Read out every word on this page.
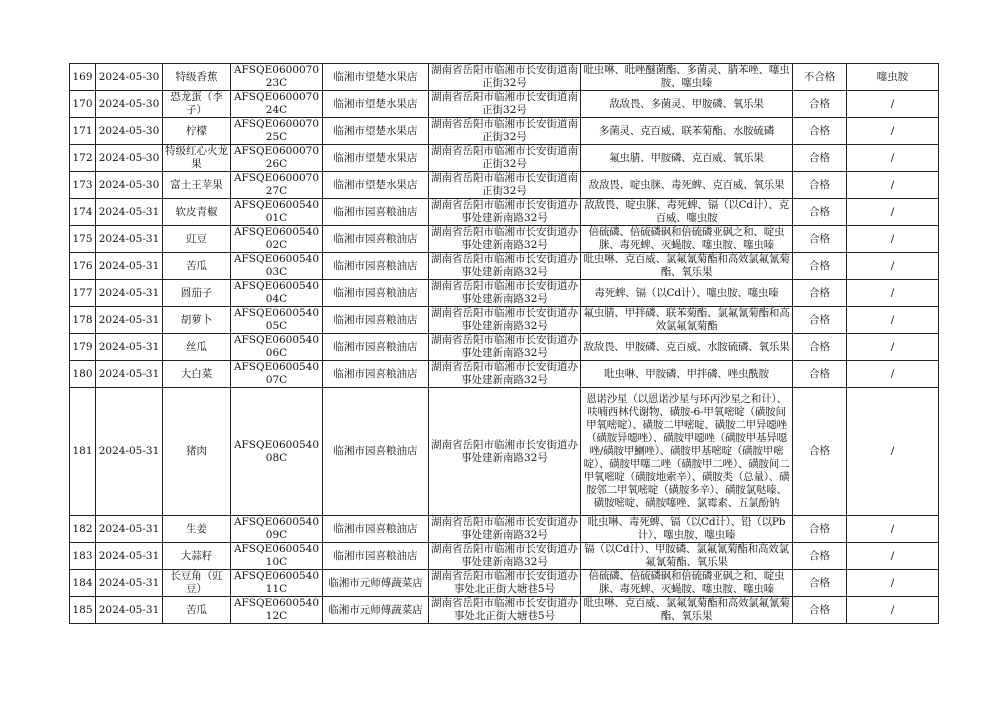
169	2024-05-30	特级香蕉	AFSQE060007023C	临湘市望楚水果店	湖南省岳阳市临湘市长安街道南正街32号	吡虫啉、吡唑醚菌酯、多菌灵、腈苯唑、噻虫胺、噻虫嗪	不合格	噻虫胺
170	2024-05-30	恐龙蛋（李子）	AFSQE060007024C	临湘市望楚水果店	湖南省岳阳市临湘市长安街道南正街32号	敌敌畏、多菌灵、甲胺磷、氧乐果	合格	/
171	2024-05-30	柠檬	AFSQE060007025C	临湘市望楚水果店	湖南省岳阳市临湘市长安街道南正街32号	多菌灵、克百威、联苯菊酯、水胺硫磷	合格	/
172	2024-05-30	特级红心火龙果	AFSQE060007026C	临湘市望楚水果店	湖南省岳阳市临湘市长安街道南正街32号	氟虫腈、甲胺磷、克百威、氧乐果	合格	/
173	2024-05-30	富士王苹果	AFSQE060007027C	临湘市望楚水果店	湖南省岳阳市临湘市长安街道南正街32号	敌敌畏、啶虫脒、毒死蜱、克百威、氧乐果	合格	/
174	2024-05-31	软皮青椒	AFSQE060054001C	临湘市园喜粮油店	湖南省岳阳市临湘市长安街道办事处建新南路32号	敌敌畏、啶虫脒、毒死蜱、镉（以Cd计）、克百威、噻虫胺	合格	/
175	2024-05-31	豇豆	AFSQE060054002C	临湘市园喜粮油店	湖南省岳阳市临湘市长安街道办事处建新南路32号	倍硫磷、倍硫磷砜和倍硫磷亚砜之和、啶虫脒、毒死蜱、灭蝇胺、噻虫胺、噻虫嗪	合格	/
176	2024-05-31	苦瓜	AFSQE060054003C	临湘市园喜粮油店	湖南省岳阳市临湘市长安街道办事处建新南路32号	吡虫啉、克百威、氯氟氰菊酯和高效氯氟氰菊酯、氧乐果	合格	/
177	2024-05-31	圆茄子	AFSQE060054004C	临湘市园喜粮油店	湖南省岳阳市临湘市长安街道办事处建新南路32号	毒死蜱、镉（以Cd计）、噻虫胺、噻虫嗪	合格	/
178	2024-05-31	胡萝卜	AFSQE060054005C	临湘市园喜粮油店	湖南省岳阳市临湘市长安街道办事处建新南路32号	氟虫腈、甲拌磷、联苯菊酯、氯氟氰菊酯和高效氯氟氰菊酯	合格	/
179	2024-05-31	丝瓜	AFSQE060054006C	临湘市园喜粮油店	湖南省岳阳市临湘市长安街道办事处建新南路32号	敌敌畏、甲胺磷、克百威、水胺硫磷、氧乐果	合格	/
180	2024-05-31	大白菜	AFSQE060054007C	临湘市园喜粮油店	湖南省岳阳市临湘市长安街道办事处建新南路32号	吡虫啉、甲胺磷、甲拌磷、唑虫酰胺	合格	/
181	2024-05-31	猪肉	AFSQE060054008C	临湘市园喜粮油店	湖南省岳阳市临湘市长安街道办事处建新南路32号	恩诺沙星（以恩诺沙星与环丙沙星之和计）、呋喃西林代谢物、磺胺-6-甲氧嘧啶（磺胺间甲氧嘧啶）、磺胺二甲嘧啶、磺胺二甲异噁唑（磺胺异噁唑）、磺胺甲噁唑（磺胺甲基异噁唑/磺胺甲鯻唑）、磺胺甲基嘧啶（磺胺甲嘧啶）、磺胺甲噻二唑（磺胺甲二唑）、磺胺间二甲氧嘧啶（磺胺地索辛）、磺胺类（总量）、磺胺邻二甲氧嘧啶（磺胺多辛）、磺胺氯哒嗪、磺胺嘧啶、磺胺噻唑、氯霉素、五氯酚钠	合格	/
182	2024-05-31	生姜	AFSQE060054009C	临湘市园喜粮油店	湖南省岳阳市临湘市长安街道办事处建新南路32号	吡虫啉、毒死蜱、镉（以Cd计）、铅（以Pb计）、噻虫胺、噻虫嗪	合格	/
183	2024-05-31	大蒜籽	AFSQE060054010C	临湘市园喜粮油店	湖南省岳阳市临湘市长安街道办事处建新南路32号	镉（以Cd计）、甲胺磷、氯氟氰菊酯和高效氯氟氰菊酯、氧乐果	合格	/
184	2024-05-31	长豆角（豇豆）	AFSQE060054011C	临湘市元师傅蔬菜店	湖南省岳阳市临湘市长安街道办事处北正街大塘巷5号	倍硫磷、倍硫磷砜和倍硫磷亚砜之和、啶虫脒、毒死蜱、灭蝇胺、噻虫胺、噻虫嗪	合格	/
185	2024-05-31	苦瓜	AFSQE060054012C	临湘市元师傅蔬菜店	湖南省岳阳市临湘市长安街道办事处北正街大塘巷5号	吡虫啉、克百威、氯氟氰菊酯和高效氯氟氰菊酯、氧乐果	合格	/
